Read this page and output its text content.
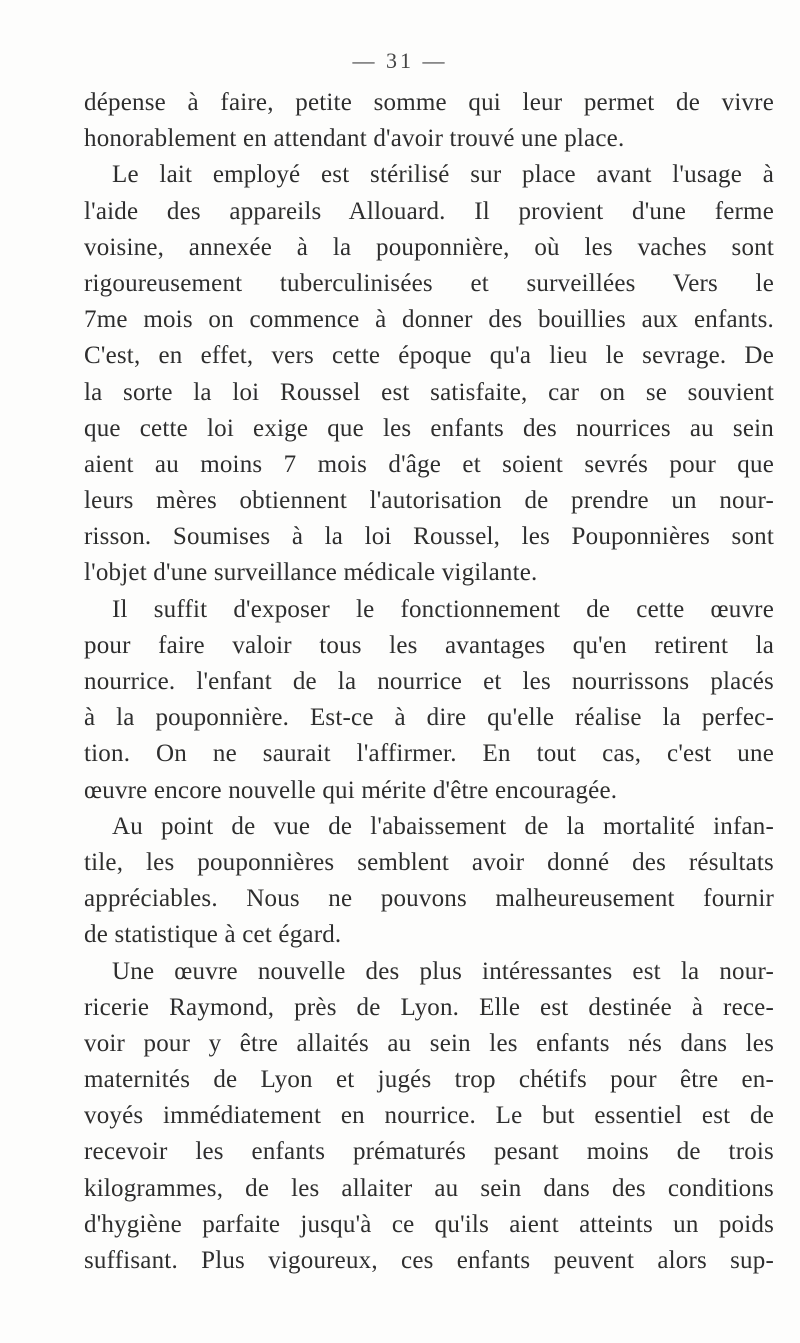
— 31 —
dépense à faire, petite somme qui leur permet de vivre
honorablement en attendant d'avoir trouvé une place.
Le lait employé est stérilisé sur place avant l'usage à
l'aide des appareils Allouard. Il provient d'une ferme
voisine, annexée à la pouponnière, où les vaches sont
rigoureusement tuberculinisées et surveillées Vers le
7me mois on commence à donner des bouillies aux enfants.
C'est, en effet, vers cette époque qu'a lieu le sevrage. De
la sorte la loi Roussel est satisfaite, car on se souvient
que cette loi exige que les enfants des nourrices au sein
aient au moins 7 mois d'âge et soient sevrés pour que
leurs mères obtiennent l'autorisation de prendre un nour-
risson. Soumises à la loi Roussel, les Pouponnières sont
l'objet d'une surveillance médicale vigilante.
Il suffit d'exposer le fonctionnement de cette œuvre
pour faire valoir tous les avantages qu'en retirent la
nourrice. l'enfant de la nourrice et les nourrissons placés
à la pouponnière. Est-ce à dire qu'elle réalise la perfec-
tion. On ne saurait l'affirmer. En tout cas, c'est une
œuvre encore nouvelle qui mérite d'être encouragée.
Au point de vue de l'abaissement de la mortalité infan-
tile, les pouponnières semblent avoir donné des résultats
appréciables. Nous ne pouvons malheureusement fournir
de statistique à cet égard.
Une œuvre nouvelle des plus intéressantes est la nour-
ricerie Raymond, près de Lyon. Elle est destinée à rece-
voir pour y être allaités au sein les enfants nés dans les
maternités de Lyon et jugés trop chétifs pour être en-
voyés immédiatement en nourrice. Le but essentiel est de
recevoir les enfants prématurés pesant moins de trois
kilogrammes, de les allaiter au sein dans des conditions
d'hygiène parfaite jusqu'à ce qu'ils aient atteints un poids
suffisant. Plus vigoureux, ces enfants peuvent alors sup-
